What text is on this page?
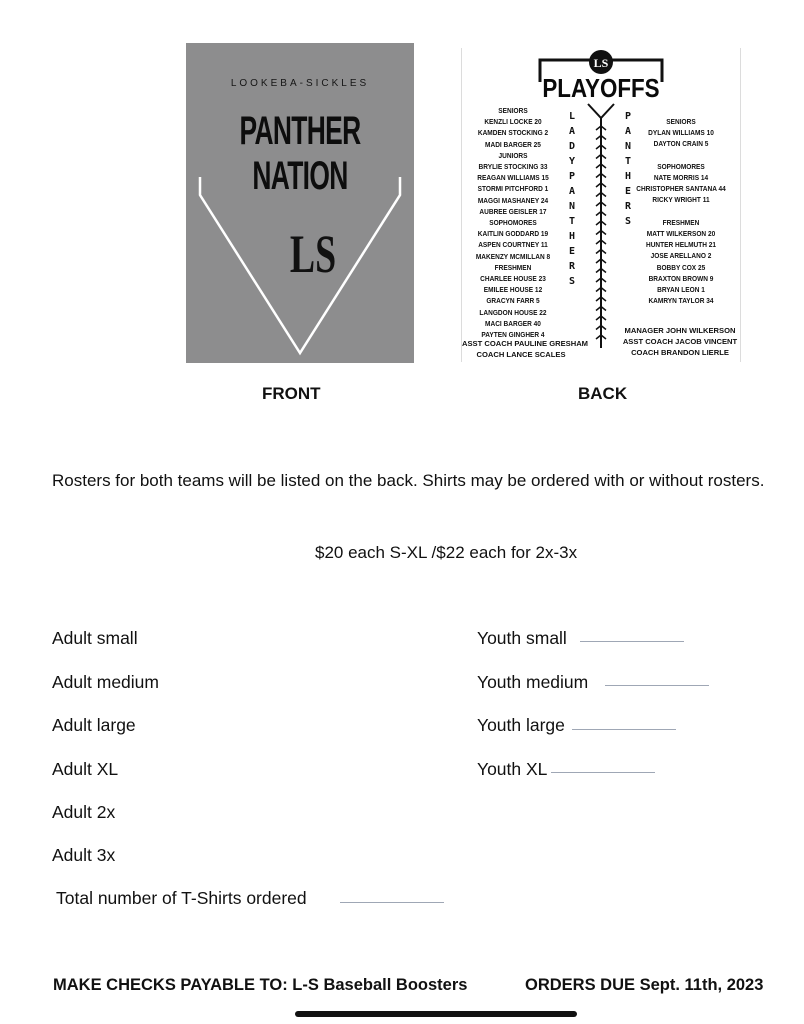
LOOKEBA-SICKLES
PANTHER NATION
LS
FRONT
LS
PLAYOFFS
SENIORS
KENZLI LOCKE 20
KAMDEN STOCKING 2
MADI BARGER 25
JUNIORS
BRYLIE STOCKING 33
REAGAN WILLIAMS 15
STORMI PITCHFORD 1
MAGGI MASHANEY 24
AUBREE GEISLER 17
SOPHOMORES
KAITLIN GODDARD 19
ASPEN COURTNEY 11
MAKENZY MCMILLAN 8
FRESHMEN
CHARLEE HOUSE 23
EMILEE HOUSE 12
GRACYN FARR 5
LANGDON HOUSE 22
MACI BARGER 40
PAYTEN GINGHER 4
SENIORS
DYLAN WILLIAMS 10
DAYTON CRAIN 5

SOPHOMORES
NATE MORRIS 14
CHRISTOPHER SANTANA 44
RICKY WRIGHT 11

FRESHMEN
MATT WILKERSON 20
HUNTER HELMUTH 21
JOSE ARELLANO 2
BOBBY COX 25
BRAXTON BROWN 9
BRYAN LEON 1
KAMRYN TAYLOR 34
ASST COACH PAULINE GRESHAM
COACH LANCE SCALES
MANAGER JOHN WILKERSON
ASST COACH JACOB VINCENT
COACH BRANDON LIERLE
L
A
D
Y
P
A
N
T
H
E
R
S
P
A
N
T
H
E
R
S
BACK
Rosters for both teams will be listed on the back. Shirts may be ordered with or without rosters.
$20 each S-XL /$22 each for 2x-3x
Adult small
Adult medium
Adult large
Adult XL
Adult 2x
Adult 3x
Youth small
Youth medium
Youth large
Youth XL
Total number of T-Shirts ordered
MAKE CHECKS PAYABLE TO: L-S Baseball Boosters	ORDERS DUE Sept. 11th, 2023
